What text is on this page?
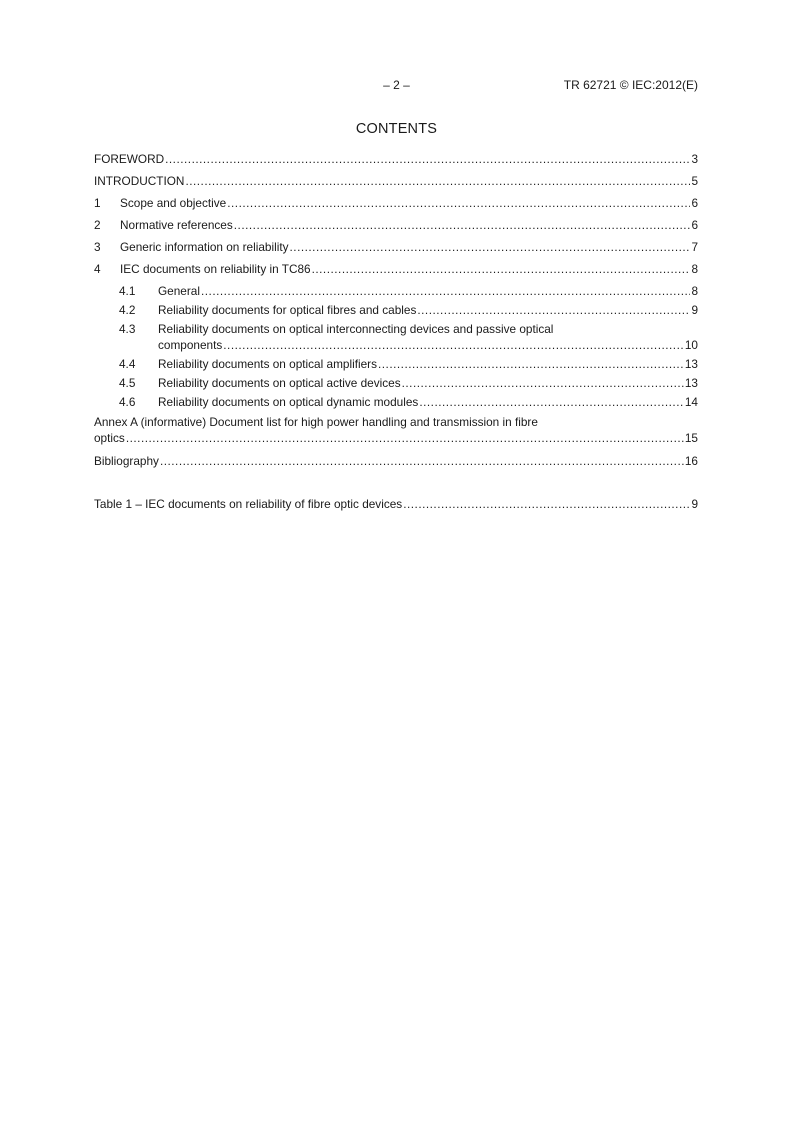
– 2 –	TR 62721 © IEC:2012(E)
CONTENTS
FOREWORD .....	3
INTRODUCTION .....	5
1	Scope and objective .....	6
2	Normative references .....	6
3	Generic information on reliability .....	7
4	IEC documents on reliability in TC86 .....	8
4.1	General .....	8
4.2	Reliability documents for optical fibres and cables .....	9
4.3 Reliability documents on optical interconnecting devices and passive optical
components .....	10
4.4	Reliability documents on optical amplifiers .....	13
4.5	Reliability documents on optical active devices .....	13
4.6	Reliability documents on optical dynamic modules .....	14
Annex A (informative) Document list for high power handling and transmission in fibre
optics .....	15
Bibliography .....	16
Table 1 – IEC documents on reliability of fibre optic devices .....	9
